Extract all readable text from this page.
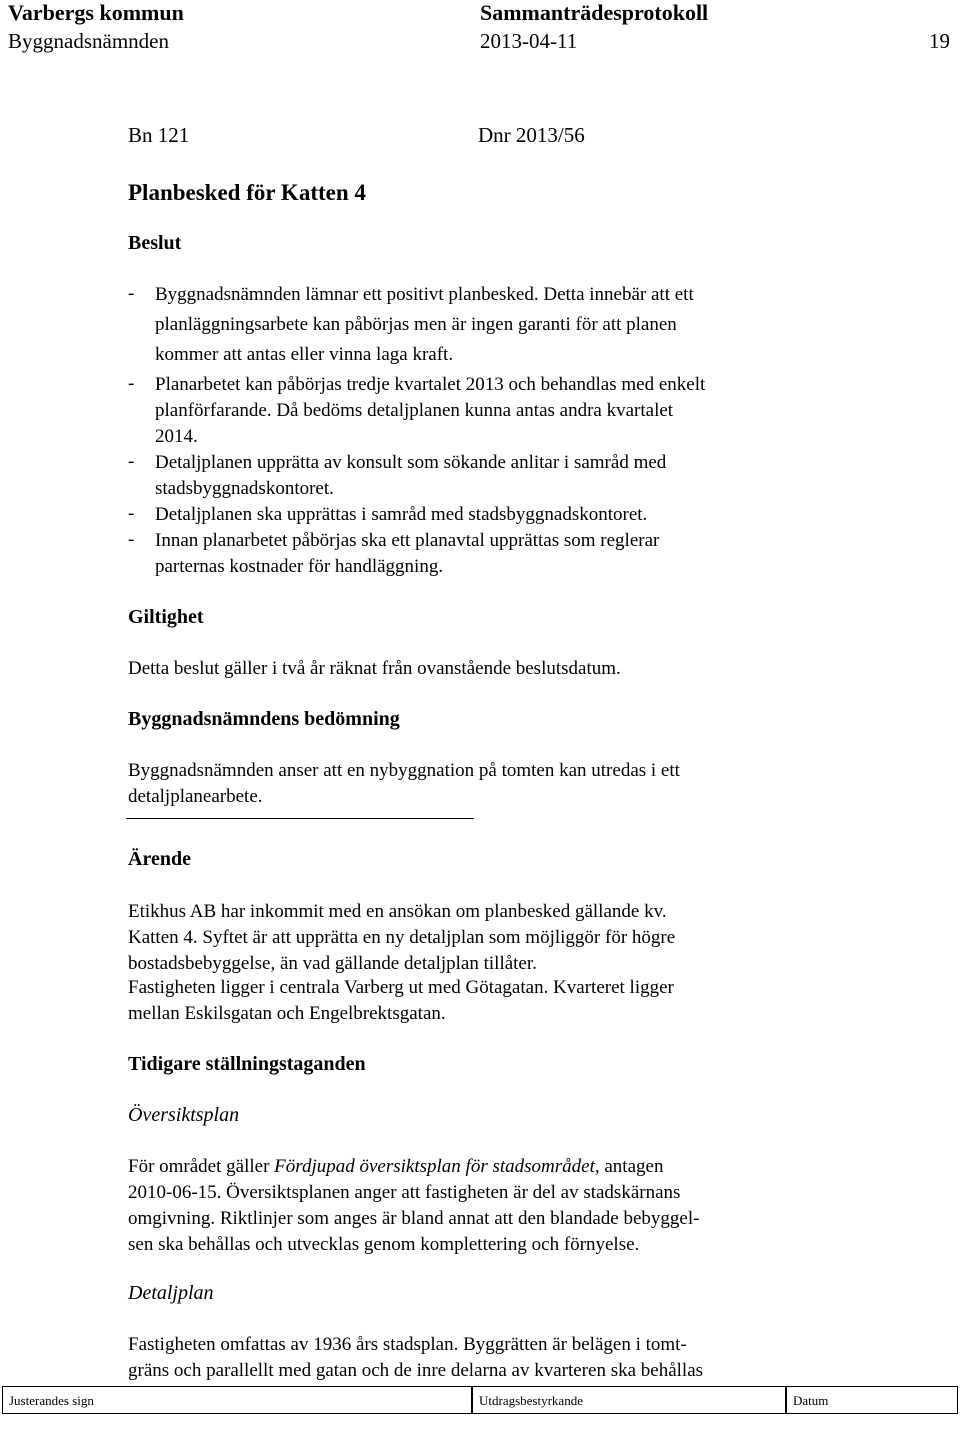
Varbergs kommun	Sammanträdesprotokoll
Byggnadsnämnden	2013-04-11	19
Bn 121	Dnr 2013/56
Planbesked för Katten 4
Beslut
- Byggnadsnämnden lämnar ett positivt planbesked. Detta innebär att ett
planläggningsarbete kan påbörjas men är ingen garanti för att planen
kommer att antas eller vinna laga kraft.
- Planarbetet kan påbörjas tredje kvartalet 2013 och behandlas med enkelt
planförfarande. Då bedöms detaljplanen kunna antas andra kvartalet
2014.
- Detaljplanen upprätta av konsult som sökande anlitar i samråd med
stadsbyggnadskontoret.
- Detaljplanen ska upprättas i samråd med stadsbyggnadskontoret.
- Innan planarbetet påbörjas ska ett planavtal upprättas som reglerar
parternas kostnader för handläggning.
Giltighet
Detta beslut gäller i två år räknat från ovanstående beslutsdatum.
Byggnadsnämndens bedömning
Byggnadsnämnden anser att en nybyggnation på tomten kan utredas i ett
detaljplanearbete.
Ärende
Etikhus AB har inkommit med en ansökan om planbesked gällande kv.
Katten 4. Syftet är att upprätta en ny detaljplan som möjliggör för högre
bostadsbebyggelse, än vad gällande detaljplan tillåter.
Fastigheten ligger i centrala Varberg ut med Götagatan. Kvarteret ligger
mellan Eskilsgatan och Engelbrektsgatan.
Tidigare ställningstaganden
Översiktsplan
För området gäller Fördjupad översiktsplan för stadsområdet, antagen
2010-06-15. Översiktsplanen anger att fastigheten är del av stadskärnans
omgivning. Riktlinjer som anges är bland annat att den blandade bebyggel-
sen ska behållas och utvecklas genom komplettering och förnyelse.
Detaljplan
Fastigheten omfattas av 1936 års stadsplan. Byggrätten är belägen i tomt-
gräns och parallellt med gatan och de inre delarna av kvarteren ska behållas
Justerandes sign	Utdragsbestyrkande	Datum
